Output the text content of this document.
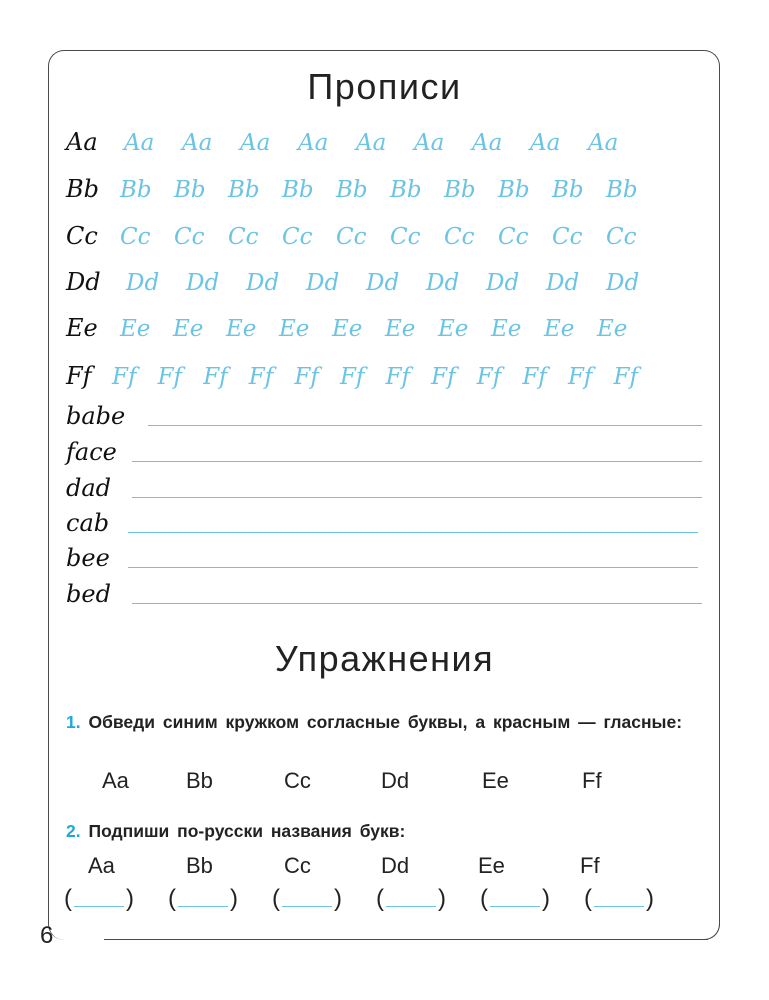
Прописи
Aa	Aa	Aa	Aa	Aa	Aa	Aa	Aa	Aa	Aa
Bb Bb Bb Bb Bb Bb Bb Bb Bb Bb Bb
Cc Cc	Cc	Cc	Cc	Cc	Cc	Cc	Cc	Cc	Cc
Dd	Dd	Dd	Dd	Dd	Dd	Dd	Dd	Dd	Dd
Ee Ee Ee Ee Ee Ee Ee Ee Ee Ee Ee
Ff Ff Ff Ff Ff Ff Ff Ff Ff Ff Ff Ff Ff
babe
face
dad
cab
bee
bed
Упражнения
1. Обведи синим кружком согласные буквы, а красным — гласные:
Aa	Bb	Cc	Dd	Ee	Ff
2. Подпиши по-русски названия букв:
Aa	Bb	Cc	Dd	Ee	Ff
( ) ( ) ( ) ( ) ( ) ( )
6
